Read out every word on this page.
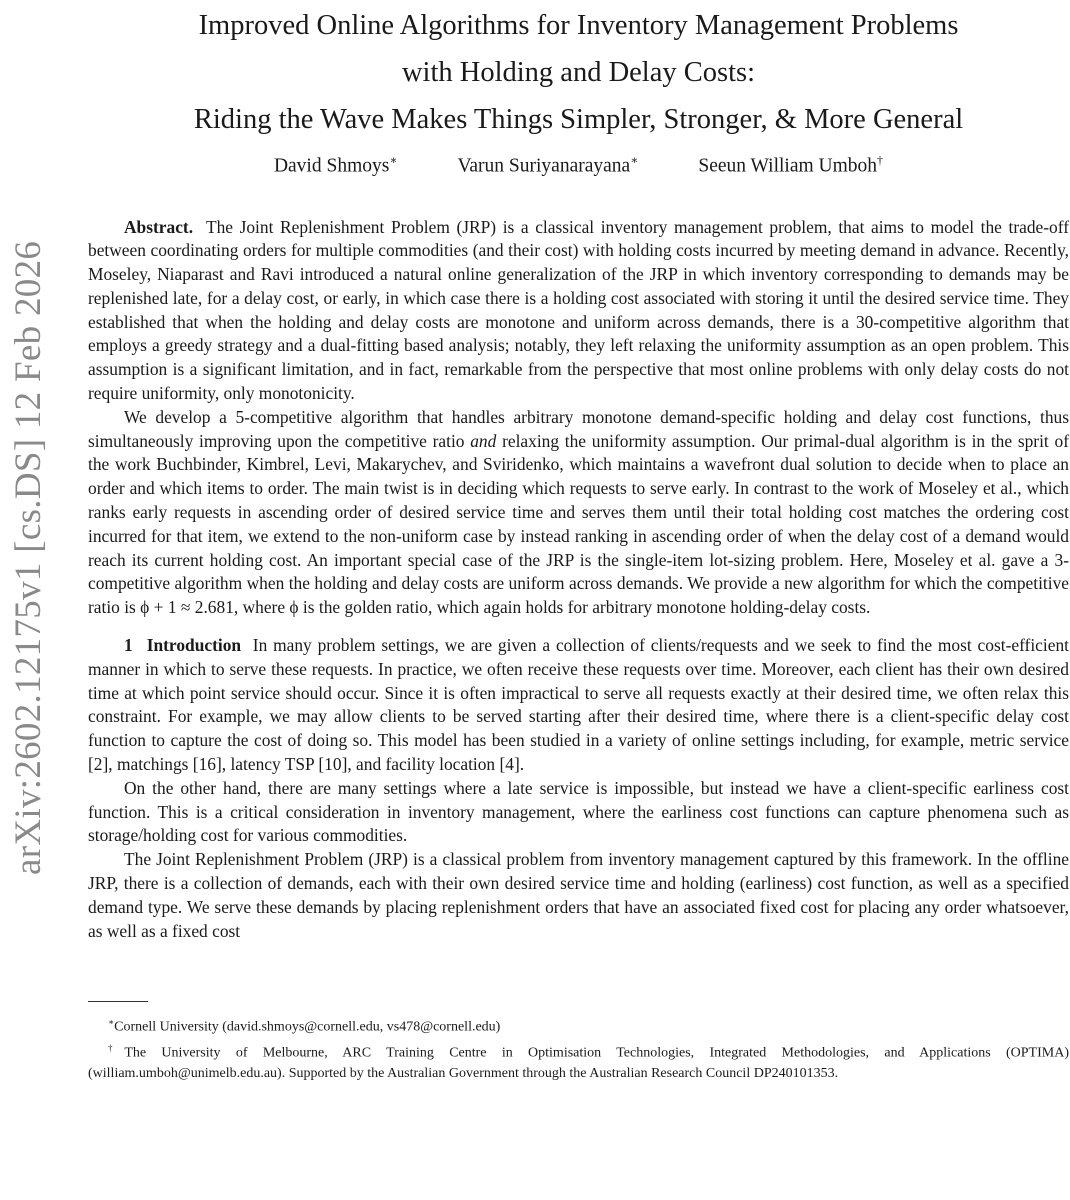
arXiv:2602.12175v1 [cs.DS] 12 Feb 2026
Improved Online Algorithms for Inventory Management Problems
with Holding and Delay Costs:
Riding the Wave Makes Things Simpler, Stronger, & More General
David Shmoys∗	Varun Suriyanarayana∗	Seeun William Umboh†

Abstract. The Joint Replenishment Problem (JRP) is a classical inventory management problem, that aims to model the trade-off between coordinating orders for multiple commodities (and their cost) with holding costs incurred by meeting demand in advance. Recently, Moseley, Niaparast and Ravi introduced a natural online generalization of the JRP in which inventory corresponding to demands may be replenished late, for a delay cost, or early, in which case there is a holding cost associated with storing it until the desired service time. They established that when the holding and delay costs are monotone and uniform across demands, there is a 30-competitive algorithm that employs a greedy strategy and a dual-fitting based analysis; notably, they left relaxing the uniformity assumption as an open problem. This assumption is a significant limitation, and in fact, remarkable from the perspective that most online problems with only delay costs do not require uniformity, only monotonicity.

We develop a 5-competitive algorithm that handles arbitrary monotone demand-specific holding and delay cost functions, thus simultaneously improving upon the competitive ratio and relaxing the uniformity assumption. Our primal-dual algorithm is in the sprit of the work Buchbinder, Kimbrel, Levi, Makarychev, and Sviridenko, which maintains a wavefront dual solution to decide when to place an order and which items to order. The main twist is in deciding which requests to serve early. In contrast to the work of Moseley et al., which ranks early requests in ascending order of desired service time and serves them until their total holding cost matches the ordering cost incurred for that item, we extend to the non-uniform case by instead ranking in ascending order of when the delay cost of a demand would reach its current holding cost. An important special case of the JRP is the single-item lot-sizing problem. Here, Moseley et al. gave a 3-competitive algorithm when the holding and delay costs are uniform across demands. We provide a new algorithm for which the competitive ratio is ϕ + 1 ≈ 2.681, where ϕ is the golden ratio, which again holds for arbitrary monotone holding-delay costs.

1 Introduction In many problem settings, we are given a collection of clients/requests and we seek to find the most cost-efficient manner in which to serve these requests. In practice, we often receive these requests over time. Moreover, each client has their own desired time at which point service should occur. Since it is often impractical to serve all requests exactly at their desired time, we often relax this constraint. For example, we may allow clients to be served starting after their desired time, where there is a client-specific delay cost function to capture the cost of doing so. This model has been studied in a variety of online settings including, for example, metric service [2], matchings [16], latency TSP [10], and facility location [4].

On the other hand, there are many settings where a late service is impossible, but instead we have a client-specific earliness cost function. This is a critical consideration in inventory management, where the earliness cost functions can capture phenomena such as storage/holding cost for various commodities.

The Joint Replenishment Problem (JRP) is a classical problem from inventory management captured by this framework. In the offline JRP, there is a collection of demands, each with their own desired service time and holding (earliness) cost function, as well as a specified demand type. We serve these demands by placing replenishment orders that have an associated fixed cost for placing any order whatsoever, as well as a fixed cost

∗Cornell University (david.shmoys@cornell.edu, vs478@cornell.edu)

†The University of Melbourne, ARC Training Centre in Optimisation Technologies, Integrated Methodologies, and Applications (OPTIMA) (william.umboh@unimelb.edu.au). Supported by the Australian Government through the Australian Research Council DP240101353.
